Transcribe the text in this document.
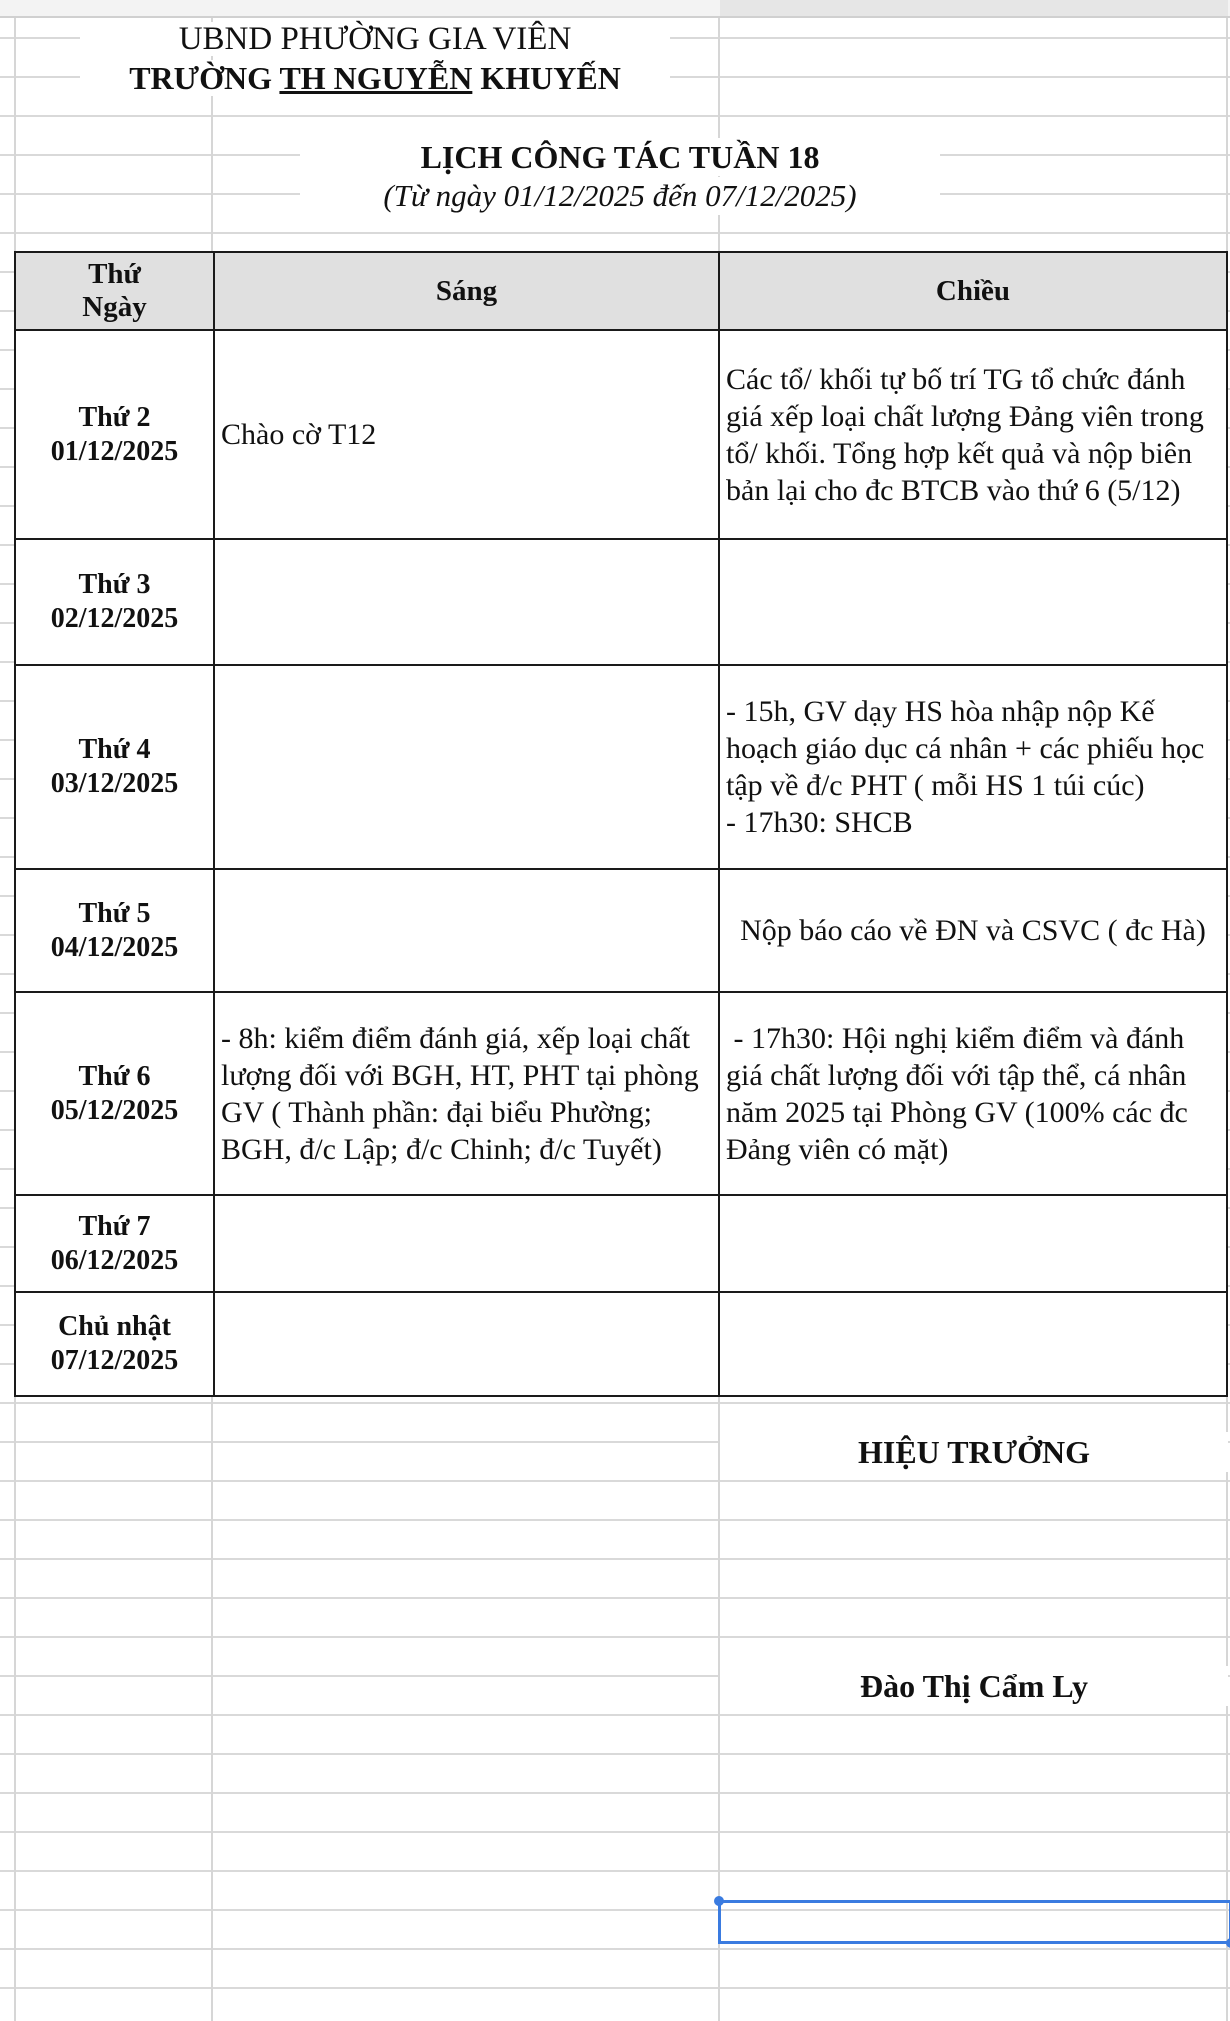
UBND PHƯỜNG GIA VIÊN
TRƯỜNG TH NGUYỄN KHUYẾN
LỊCH CÔNG TÁC TUẦN 18
(Từ ngày 01/12/2025 đến 07/12/2025)
Thứ
Ngày	Sáng	Chiều

Thứ 2
01/12/2025	Chào cờ T12	Các tổ/ khối tự bố trí TG tổ chức đánh giá xếp loại chất lượng Đảng viên trong tổ/ khối. Tổng hợp kết quả và nộp biên bản lại cho đc BTCB vào thứ 6 (5/12)

Thứ 3
02/12/2025		

Thứ 4
03/12/2025		- 15h, GV dạy HS hòa nhập nộp Kế hoạch giáo dục cá nhân + các phiếu học tập về đ/c PHT ( mỗi HS 1 túi cúc)
- 17h30: SHCB

Thứ 5
04/12/2025		Nộp báo cáo về ĐN và CSVC ( đc Hà)

Thứ 6
05/12/2025	- 8h: kiểm điểm đánh giá, xếp loại chất lượng đối với BGH, HT, PHT tại phòng GV ( Thành phần: đại biểu Phường; BGH, đ/c Lập; đ/c Chinh; đ/c Tuyết)	- 17h30: Hội nghị kiểm điểm và đánh giá chất lượng đối với tập thể, cá nhân năm 2025 tại Phòng GV (100% các đc Đảng viên có mặt)

Thứ 7
06/12/2025		

Chủ nhật
07/12/2025		

HIỆU TRƯỞNG
Đào Thị Cẩm Ly
